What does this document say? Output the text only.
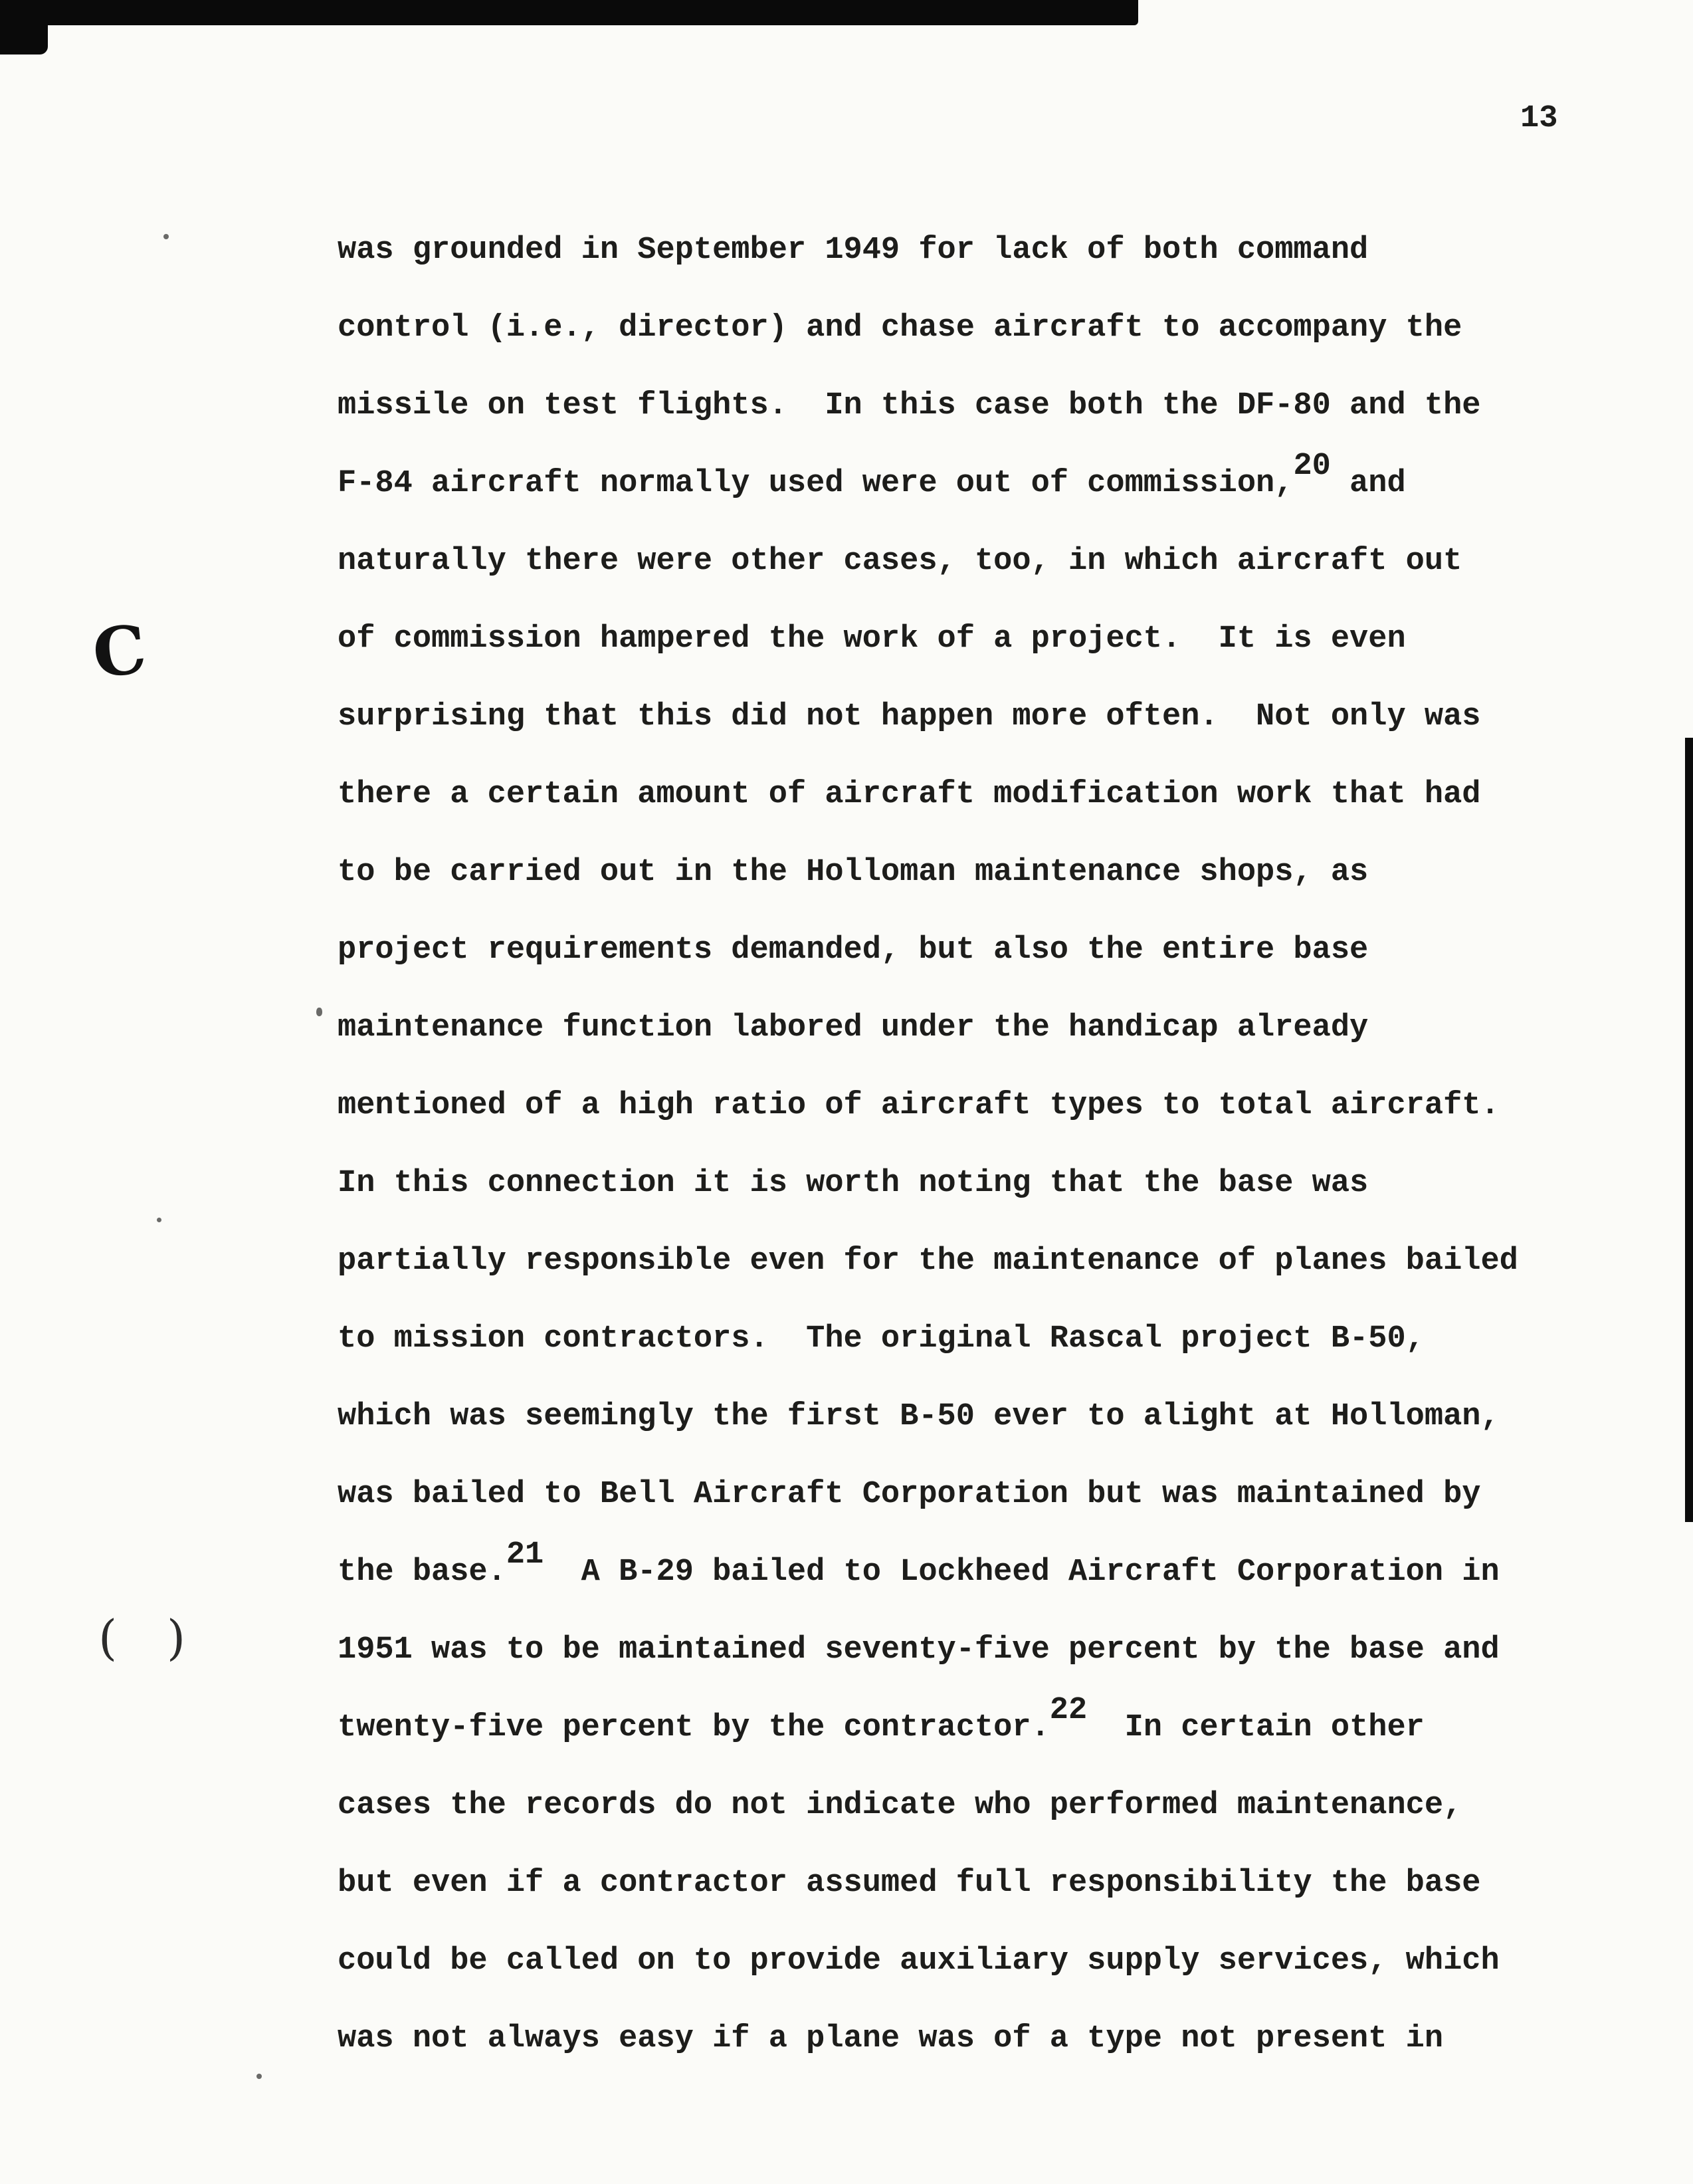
C
( )
13
was grounded in September 1949 for lack of both command
control (i.e., director) and chase aircraft to accompany the
missile on test flights.  In this case both the DF-80 and the
F-84 aircraft normally used were out of commission,20 and
naturally there were other cases, too, in which aircraft out
of commission hampered the work of a project.  It is even
surprising that this did not happen more often.  Not only was
there a certain amount of aircraft modification work that had
to be carried out in the Holloman maintenance shops, as
project requirements demanded, but also the entire base
maintenance function labored under the handicap already
mentioned of a high ratio of aircraft types to total aircraft.
In this connection it is worth noting that the base was
partially responsible even for the maintenance of planes bailed
to mission contractors.  The original Rascal project B-50,
which was seemingly the first B-50 ever to alight at Holloman,
was bailed to Bell Aircraft Corporation but was maintained by
the base.21  A B-29 bailed to Lockheed Aircraft Corporation in
1951 was to be maintained seventy-five percent by the base and
twenty-five percent by the contractor.22  In certain other
cases the records do not indicate who performed maintenance,
but even if a contractor assumed full responsibility the base
could be called on to provide auxiliary supply services, which
was not always easy if a plane was of a type not present in
